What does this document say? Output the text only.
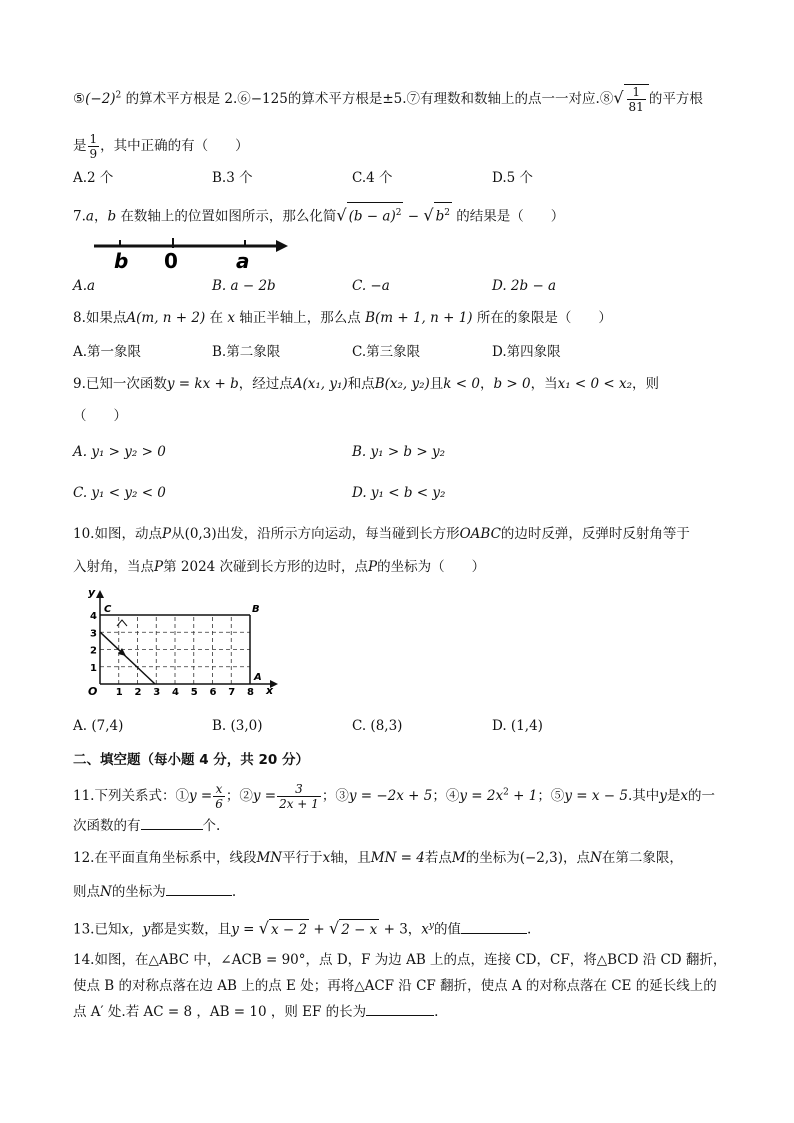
$⑤(-2)^2$ 的算术平方根是 2.⑥−125的算术平方根是±5.⑦有理数和数轴上的点一一对应.⑧√ $\frac{1}{81}$ 的平方根
是 $\frac{1}{9}$ ，其中正确的有（　　）
A.2 个	B.3 个	C.4 个	D.5 个
7.a，b 在数轴上的位置如图所示，那么化简√ $(b - a)^2$ − √ $b^2$ 的结果是（　　）
b 0	a
A.a	B. a − 2b	C. −a	D. 2b − a
8.如果点A(m, n + 2) 在 x 轴正半轴上，那么点 B(m + 1, n + 1) 所在的象限是（　　）
A.第一象限	B.第二象限	C.第三象限	D.第四象限
9.已知一次函数y = kx + b，经过点A(x₁, y₁)和点B(x₂, y₂)且k < 0，b > 0，当x₁ < 0 < x₂，则
（　　）
A. y₁ > y₂ > 0	B. y₁ > b > y₂
C. y₁ < y₂ < 0	D. y₁ < b < y₂
10.如图，动点P从(0,3)出发，沿所示方向运动，每当碰到长方形OABC的边时反弹，反弹时反射角等于
入射角，当点P第 2024 次碰到长方形的边时，点P的坐标为（　　）
y
x
O
C	B
A
1
2
3
4
1 2 3 4 5 6 7 8
A. (7,4)	B. (3,0)	C. (8,3)	D. (1,4)
二、填空题（每小题 4 分，共 20 分）
11.下列关系式：①y = $\frac{x}{6}$ ；②y = $\frac{3}{2x + 1}$ ；③y = −2x + 5；④y = $2x^2 + 1$；⑤y = x − 5.其中y是x的一
次函数的有	个.
12.在平面直角坐标系中，线段MN平行于x轴，且MN = 4若点M的坐标为(−2,3)，点N在第二象限，
则点N的坐标为	.
13.已知x，y都是实数，且y = √ x − 2 + √ 2 − x + 3，$x^y$的值	.
14.如图，在△ABC 中，∠ACB = 90°，点 D，F 为边 AB 上的点，连接 CD，CF，将△BCD 沿 CD 翻折，
使点 B 的对称点落在边 AB 上的点 E 处；再将△ACF 沿 CF 翻折，使点 A 的对称点落在 CE 的延长线上的
点 A′ 处.若 AC = 8 ，AB = 10 ，则 EF 的长为	.
